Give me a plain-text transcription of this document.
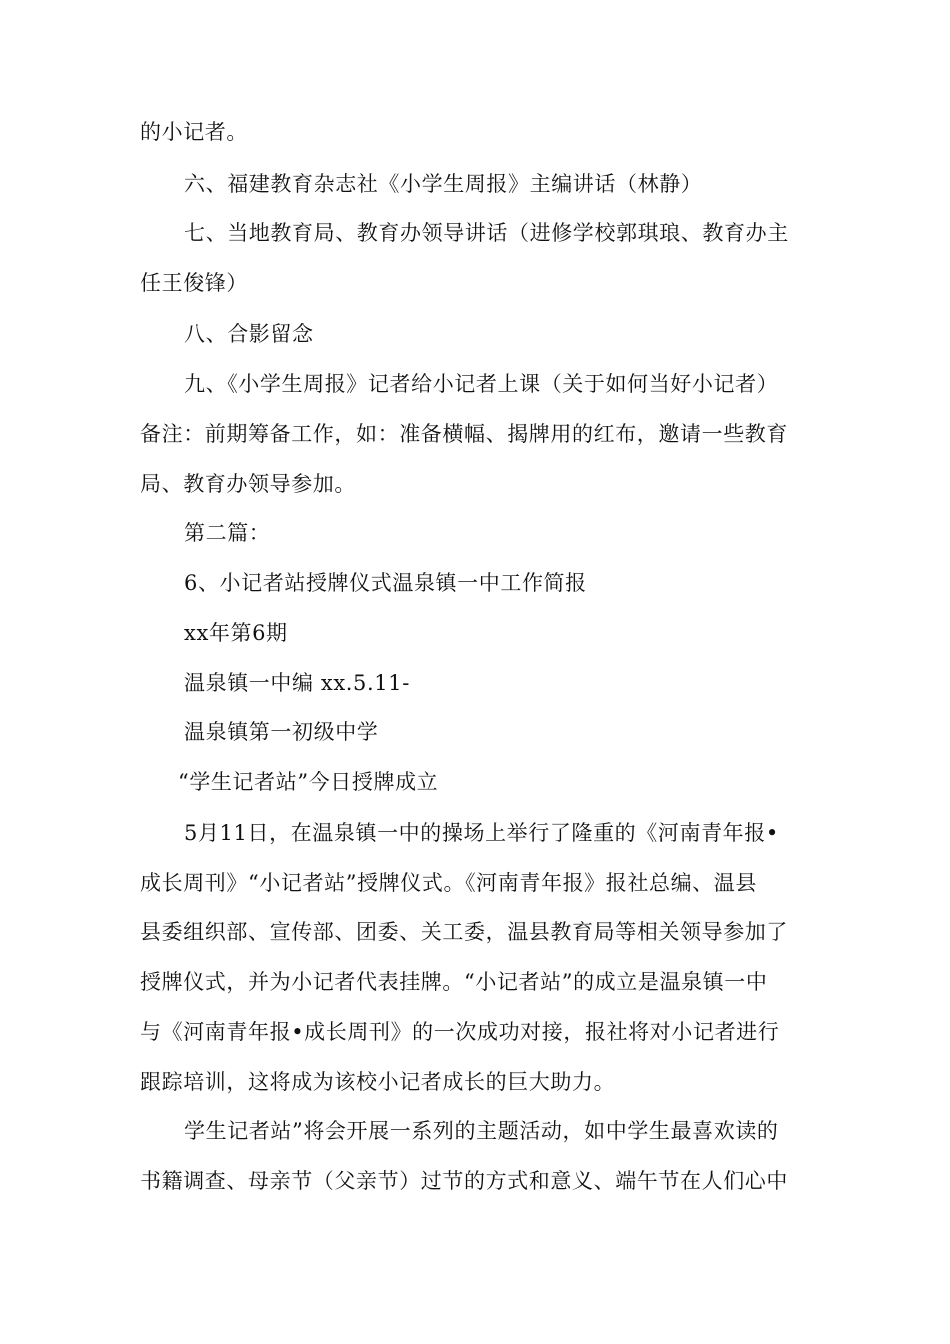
的小记者。
六、福建教育杂志社《小学生周报》主编讲话（林静）
七、当地教育局、教育办领导讲话（进修学校郭琪琅、教育办主
任王俊锋）
八、合影留念
九、《小学生周报》记者给小记者上课（关于如何当好小记者）
备注：前期筹备工作，如：准备横幅、揭牌用的红布，邀请一些教育
局、教育办领导参加。
第二篇：
6、小记者站授牌仪式温泉镇一中工作简报
xx年第6期
温泉镇一中编 xx.5.11-
温泉镇第一初级中学
“学生记者站”今日授牌成立
5月11日，在温泉镇一中的操场上举行了隆重的《河南青年报•
成长周刊》“小记者站”授牌仪式。《河南青年报》报社总编、温县
县委组织部、宣传部、团委、关工委，温县教育局等相关领导参加了
授牌仪式，并为小记者代表挂牌。“小记者站”的成立是温泉镇一中
与《河南青年报•成长周刊》的一次成功对接，报社将对小记者进行
跟踪培训，这将成为该校小记者成长的巨大助力。
学生记者站”将会开展一系列的主题活动，如中学生最喜欢读的
书籍调查、母亲节（父亲节）过节的方式和意义、端午节在人们心中
